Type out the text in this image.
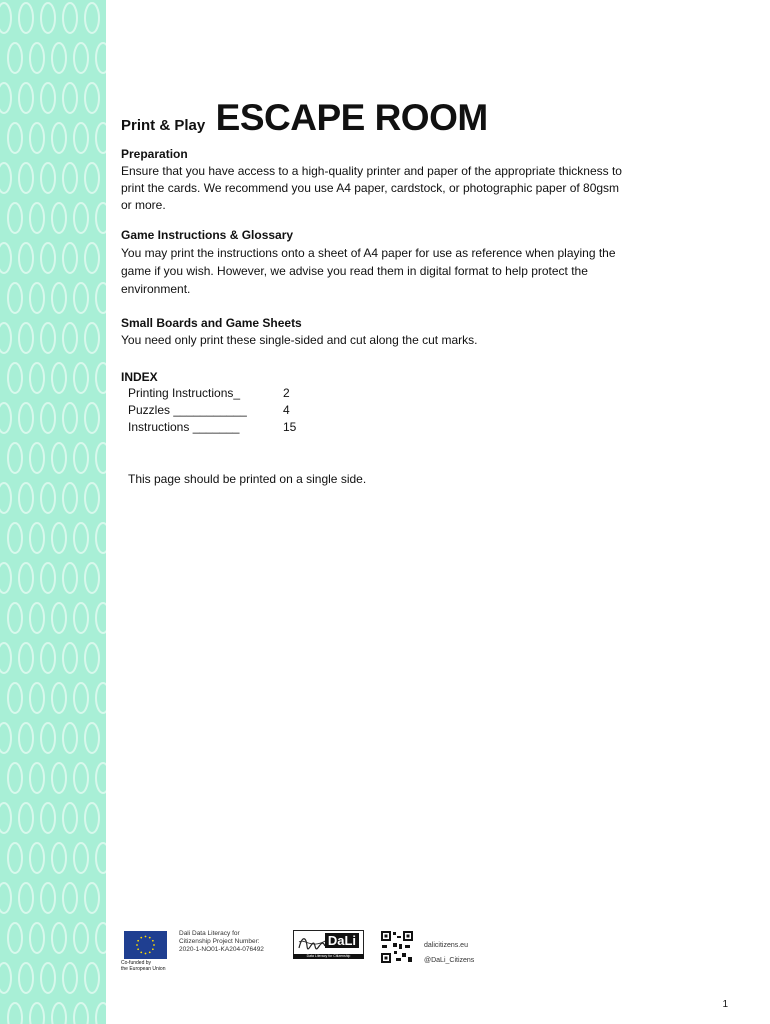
Print & Play ESCAPE ROOM
Preparation
Ensure that you have access to a high-quality printer and paper of the appropriate thickness to
print the cards. We recommend you use A4 paper, cardstock, or photographic paper of 80gsm
or more.
Game Instructions & Glossary
You may print the instructions onto a sheet of A4 paper for use as reference when playing the
game if you wish. However, we advise you read them in digital format to help protect the
environment.
Small Boards and Game Sheets
You need only print these single-sided and cut along the cut marks.
INDEX
Printing Instructions_	2
Puzzles ___________	4
Instructions _______	15
This page should be printed on a single side.
Co-funded by
the European Union
Dali Data Literacy for
Citizenship Project Number:
2020-1-NO01-KA204-076492
DaLi
Data Literacy for Citizenship
dalicitizens.eu
@DaLi_Citizens
1
